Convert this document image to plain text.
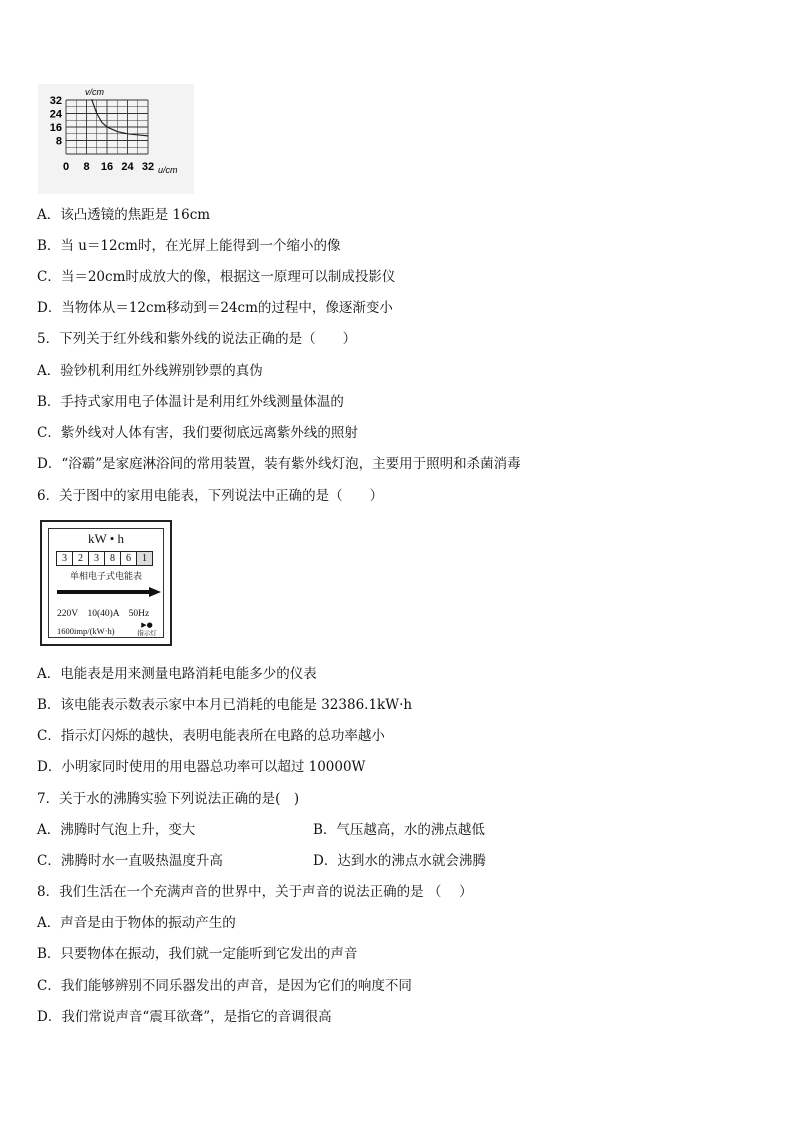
32
24
16
8
0 8 16 24 32
v/cm
u/cm
A．该凸透镜的焦距是 16cm
B．当 u＝12cm时，在光屏上能得到一个缩小的像
C．当＝20cm时成放大的像，根据这一原理可以制成投影仪
D．当物体从＝12cm移动到＝24cm的过程中，像逐渐变小
5．下列关于红外线和紫外线的说法正确的是（　　）
A．验钞机利用红外线辨别钞票的真伪
B．手持式家用电子体温计是利用红外线测量体温的
C．紫外线对人体有害，我们要彻底远离紫外线的照射
D．“浴霸”是家庭淋浴间的常用装置，装有紫外线灯泡，主要用于照明和杀菌消毒
6．关于图中的家用电能表，下列说法中正确的是（　　）
kW • h
3	2	3	8	6	1
单相电子式电能表
220V　10(40)A　50Hz
1600imp/(kW·h)
▶●
指示灯
A．电能表是用来测量电路消耗电能多少的仪表
B．该电能表示数表示家中本月已消耗的电能是 32386.1kW·h
C．指示灯闪烁的越快，表明电能表所在电路的总功率越小
D．小明家同时使用的用电器总功率可以超过 10000W
7．关于水的沸腾实验下列说法正确的是(　)
A．沸腾时气泡上升，变大	B．气压越高，水的沸点越低
C．沸腾时水一直吸热温度升高	D．达到水的沸点水就会沸腾
8．我们生活在一个充满声音的世界中，关于声音的说法正确的是 （　 ）
A．声音是由于物体的振动产生的
B．只要物体在振动，我们就一定能听到它发出的声音
C．我们能够辨别不同乐器发出的声音，是因为它们的响度不同
D．我们常说声音“震耳欲聋”，是指它的音调很高
